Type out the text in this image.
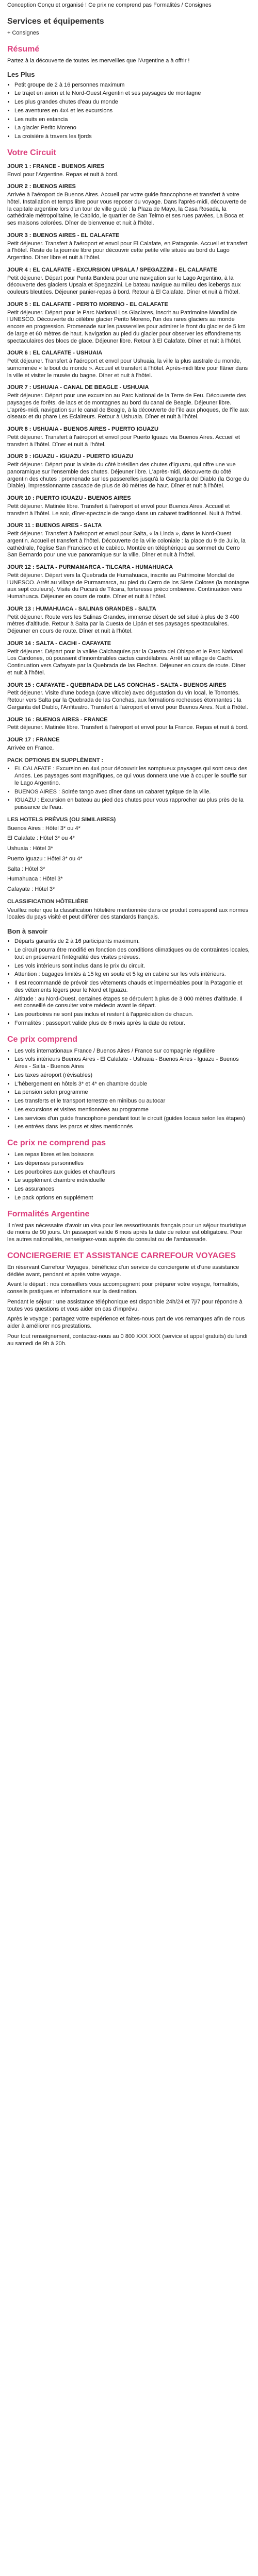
Conception Conçu et organisé ! Ce prix ne comprend pas Formalités / Consignes

Services et équipements

+ Consignes

Résumé

Partez à la découverte de toutes les merveilles que l'Argentine a à offrir !

Les Plus
• Petit groupe de 2 à 16 personnes maximum
• Le trajet en avion et le Nord-Ouest Argentin et ses paysages de montagne
• Les plus grandes chutes d'eau du monde
• Les aventures en 4x4 et les excursions
• Les nuits en estancia
• La glacier Perito Moreno
• La croisière à travers les fjords
Votre Circuit
JOUR 1 : FRANCE - BUENOS AIRES

Envol pour l'Argentine. Repas et nuit à bord.

JOUR 2 : BUENOS AIRES

Arrivée à l'aéroport de Buenos Aires. Accueil par votre guide francophone et transfert à votre hôtel. Installation et temps libre pour vous reposer du voyage. Dans l'après-midi, découverte de la capitale argentine lors d'un tour de ville guidé : la Plaza de Mayo, la Casa Rosada, la cathédrale métropolitaine, le Cabildo, le quartier de San Telmo et ses rues pavées, La Boca et ses maisons colorées. Dîner de bienvenue et nuit à l'hôtel.

JOUR 3 : BUENOS AIRES - EL CALAFATE

Petit déjeuner. Transfert à l'aéroport et envol pour El Calafate, en Patagonie. Accueil et transfert à l'hôtel. Reste de la journée libre pour découvrir cette petite ville située au bord du Lago Argentino. Dîner libre et nuit à l'hôtel.

JOUR 4 : EL CALAFATE - EXCURSION UPSALA / SPEGAZZINI - EL CALAFATE

Petit déjeuner. Départ pour Punta Bandera pour une navigation sur le Lago Argentino, à la découverte des glaciers Upsala et Spegazzini. Le bateau navigue au milieu des icebergs aux couleurs bleutées. Déjeuner panier-repas à bord. Retour à El Calafate. Dîner et nuit à l'hôtel.

JOUR 5 : EL CALAFATE - PERITO MORENO - EL CALAFATE

Petit déjeuner. Départ pour le Parc National Los Glaciares, inscrit au Patrimoine Mondial de l'UNESCO. Découverte du célèbre glacier Perito Moreno, l'un des rares glaciers au monde encore en progression. Promenade sur les passerelles pour admirer le front du glacier de 5 km de large et 60 mètres de haut. Navigation au pied du glacier pour observer les effondrements spectaculaires des blocs de glace. Déjeuner libre. Retour à El Calafate. Dîner et nuit à l'hôtel.

JOUR 6 : EL CALAFATE - USHUAIA

Petit déjeuner. Transfert à l'aéroport et envol pour Ushuaia, la ville la plus australe du monde, surnommée « le bout du monde ». Accueil et transfert à l'hôtel. Après-midi libre pour flâner dans la ville et visiter le musée du bagne. Dîner et nuit à l'hôtel.

JOUR 7 : USHUAIA - CANAL DE BEAGLE - USHUAIA

Petit déjeuner. Départ pour une excursion au Parc National de la Terre de Feu. Découverte des paysages de forêts, de lacs et de montagnes au bord du canal de Beagle. Déjeuner libre. L'après-midi, navigation sur le canal de Beagle, à la découverte de l'île aux phoques, de l'île aux oiseaux et du phare Les Eclaireurs. Retour à Ushuaia. Dîner et nuit à l'hôtel.

JOUR 8 : USHUAIA - BUENOS AIRES - PUERTO IGUAZU

Petit déjeuner. Transfert à l'aéroport et envol pour Puerto Iguazu via Buenos Aires. Accueil et transfert à l'hôtel. Dîner et nuit à l'hôtel.

JOUR 9 : IGUAZU - IGUAZU - PUERTO IGUAZU

Petit déjeuner. Départ pour la visite du côté brésilien des chutes d'Iguazu, qui offre une vue panoramique sur l'ensemble des chutes. Déjeuner libre. L'après-midi, découverte du côté argentin des chutes : promenade sur les passerelles jusqu'à la Garganta del Diablo (la Gorge du Diable), impressionnante cascade de plus de 80 mètres de haut. Dîner et nuit à l'hôtel.

JOUR 10 : PUERTO IGUAZU - BUENOS AIRES

Petit déjeuner. Matinée libre. Transfert à l'aéroport et envol pour Buenos Aires. Accueil et transfert à l'hôtel. Le soir, dîner-spectacle de tango dans un cabaret traditionnel. Nuit à l'hôtel.

JOUR 11 : BUENOS AIRES - SALTA

Petit déjeuner. Transfert à l'aéroport et envol pour Salta, « la Linda », dans le Nord-Ouest argentin. Accueil et transfert à l'hôtel. Découverte de la ville coloniale : la place du 9 de Julio, la cathédrale, l'église San Francisco et le cabildo. Montée en téléphérique au sommet du Cerro San Bernardo pour une vue panoramique sur la ville. Dîner et nuit à l'hôtel.

JOUR 12 : SALTA - PURMAMARCA - TILCARA - HUMAHUACA

Petit déjeuner. Départ vers la Quebrada de Humahuaca, inscrite au Patrimoine Mondial de l'UNESCO. Arrêt au village de Purmamarca, au pied du Cerro de los Siete Colores (la montagne aux sept couleurs). Visite du Pucará de Tilcara, forteresse précolombienne. Continuation vers Humahuaca. Déjeuner en cours de route. Dîner et nuit à l'hôtel.

JOUR 13 : HUMAHUACA - SALINAS GRANDES - SALTA

Petit déjeuner. Route vers les Salinas Grandes, immense désert de sel situé à plus de 3 400 mètres d'altitude. Retour à Salta par la Cuesta de Lipán et ses paysages spectaculaires. Déjeuner en cours de route. Dîner et nuit à l'hôtel.

JOUR 14 : SALTA - CACHI - CAFAYATE

Petit déjeuner. Départ pour la vallée Calchaquíes par la Cuesta del Obispo et le Parc National Los Cardones, où poussent d'innombrables cactus candélabres. Arrêt au village de Cachi. Continuation vers Cafayate par la Quebrada de las Flechas. Déjeuner en cours de route. Dîner et nuit à l'hôtel.

JOUR 15 : CAFAYATE - QUEBRADA DE LAS CONCHAS - SALTA - BUENOS AIRES

Petit déjeuner. Visite d'une bodega (cave viticole) avec dégustation du vin local, le Torrontés. Retour vers Salta par la Quebrada de las Conchas, aux formations rocheuses étonnantes : la Garganta del Diablo, l'Anfiteatro. Transfert à l'aéroport et envol pour Buenos Aires. Nuit à l'hôtel.

JOUR 16 : BUENOS AIRES - FRANCE

Petit déjeuner. Matinée libre. Transfert à l'aéroport et envol pour la France. Repas et nuit à bord.

JOUR 17 : FRANCE

Arrivée en France.

PACK OPTIONS EN SUPPLÉMENT :
• EL CALAFATE : Excursion en 4x4 pour découvrir les somptueux paysages qui sont ceux des Andes. Les paysages sont magnifiques, ce qui vous donnera une vue à couper le souffle sur le Lago Argentino.
• BUENOS AIRES : Soirée tango avec dîner dans un cabaret typique de la ville.
• IGUAZU : Excursion en bateau au pied des chutes pour vous rapprocher au plus près de la puissance de l'eau.
LES HOTELS PRÉVUS (OU SIMILAIRES)

Buenos Aires : Hôtel 3* ou 4*

El Calafate : Hôtel 3* ou 4*

Ushuaia : Hôtel 3*

Puerto Iguazu : Hôtel 3* ou 4*

Salta : Hôtel 3*

Humahuaca : Hôtel 3*

Cafayate : Hôtel 3*

CLASSIFICATION HÔTELIÈRE

Veuillez noter que la classification hôtelière mentionnée dans ce produit correspond aux normes locales du pays visité et peut différer des standards français.

Bon à savoir
• Départs garantis de 2 à 16 participants maximum.
• Le circuit pourra être modifié en fonction des conditions climatiques ou de contraintes locales, tout en préservant l'intégralité des visites prévues.
• Les vols intérieurs sont inclus dans le prix du circuit.
• Attention : bagages limités à 15 kg en soute et 5 kg en cabine sur les vols intérieurs.
• Il est recommandé de prévoir des vêtements chauds et imperméables pour la Patagonie et des vêtements légers pour le Nord et Iguazu.
• Altitude : au Nord-Ouest, certaines étapes se déroulent à plus de 3 000 mètres d'altitude. Il est conseillé de consulter votre médecin avant le départ.
• Les pourboires ne sont pas inclus et restent à l'appréciation de chacun.
• Formalités : passeport valide plus de 6 mois après la date de retour.
Ce prix comprend
• Les vols internationaux France / Buenos Aires / France sur compagnie régulière
• Les vols intérieurs Buenos Aires - El Calafate - Ushuaia - Buenos Aires - Iguazu - Buenos Aires - Salta - Buenos Aires
• Les taxes aéroport (révisables)
• L'hébergement en hôtels 3* et 4* en chambre double
• La pension selon programme
• Les transferts et le transport terrestre en minibus ou autocar
• Les excursions et visites mentionnées au programme
• Les services d'un guide francophone pendant tout le circuit (guides locaux selon les étapes)
• Les entrées dans les parcs et sites mentionnés
Ce prix ne comprend pas
• Les repas libres et les boissons
• Les dépenses personnelles
• Les pourboires aux guides et chauffeurs
• Le supplément chambre individuelle
• Les assurances
• Le pack options en supplément
Formalités Argentine

Il n'est pas nécessaire d'avoir un visa pour les ressortissants français pour un séjour touristique de moins de 90 jours. Un passeport valide 6 mois après la date de retour est obligatoire. Pour les autres nationalités, renseignez-vous auprès du consulat ou de l'ambassade.

CONCIERGERIE ET ASSISTANCE CARREFOUR VOYAGES

En réservant Carrefour Voyages, bénéficiez d'un service de conciergerie et d'une assistance dédiée avant, pendant et après votre voyage.

Avant le départ : nos conseillers vous accompagnent pour préparer votre voyage, formalités, conseils pratiques et informations sur la destination.

Pendant le séjour : une assistance téléphonique est disponible 24h/24 et 7j/7 pour répondre à toutes vos questions et vous aider en cas d'imprévu.

Après le voyage : partagez votre expérience et faites-nous part de vos remarques afin de nous aider à améliorer nos prestations.

Pour tout renseignement, contactez-nous au 0 800 XXX XXX (service et appel gratuits) du lundi au samedi de 9h à 20h.
